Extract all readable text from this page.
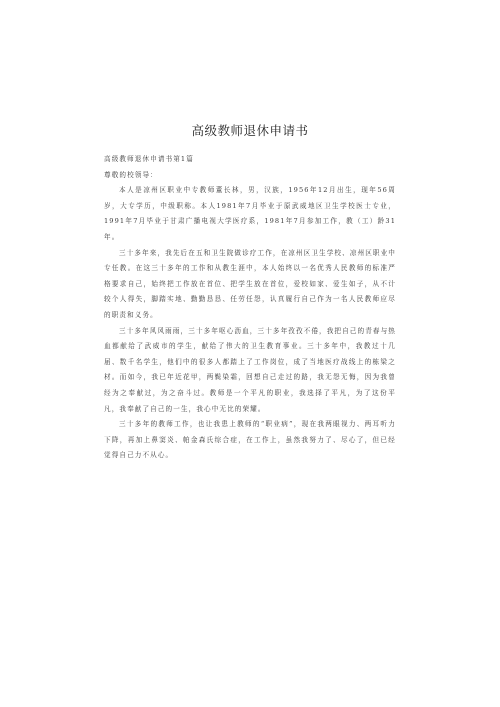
高级教师退休申请书

高级教师退休申请书第1篇

尊敬的校领导：

本人是凉州区职业中专教师董长林，男，汉族，1956年12月出生，现年56周岁，大专学历，中级职称。本人1981年7月毕业于原武威地区卫生学校医士专业，1991年7月毕业于甘肃广播电视大学医疗系，1981年7月参加工作，教（工）龄31年。

三十多年来，我先后在五和卫生院做诊疗工作，在凉州区卫生学校、凉州区职业中专任教。在这三十多年的工作和从教生涯中，本人始终以一名优秀人民教师的标准严格要求自己，始终把工作放在首位、把学生放在首位，爱校如家、爱生如子，从不计较个人得失，脚踏实地、勤勤恳恳、任劳任怨，认真履行自己作为一名人民教师应尽的职责和义务。

三十多年风风雨雨，三十多年呕心沥血，三十多年孜孜不倦，我把自己的青春与热血都献给了武威市的学生，献给了伟大的卫生教育事业。三十多年中，我教过十几届、数千名学生，他们中的很多人都踏上了工作岗位，成了当地医疗战线上的栋梁之材。而如今，我已年近花甲，两鬓染霜，回想自己走过的路，我无怨无悔，因为我曾经为之奉献过，为之奋斗过。教师是一个平凡的职业，我选择了平凡，为了这份平凡，我奉献了自己的一生，我心中无比的荣耀。

三十多年的教师工作，也让我患上教师的“职业病”，现在我两眼视力、两耳听力下降，再加上鼻窦炎、帕金森氏综合症，在工作上，虽然我努力了、尽心了，但已经觉得自己力不从心。
